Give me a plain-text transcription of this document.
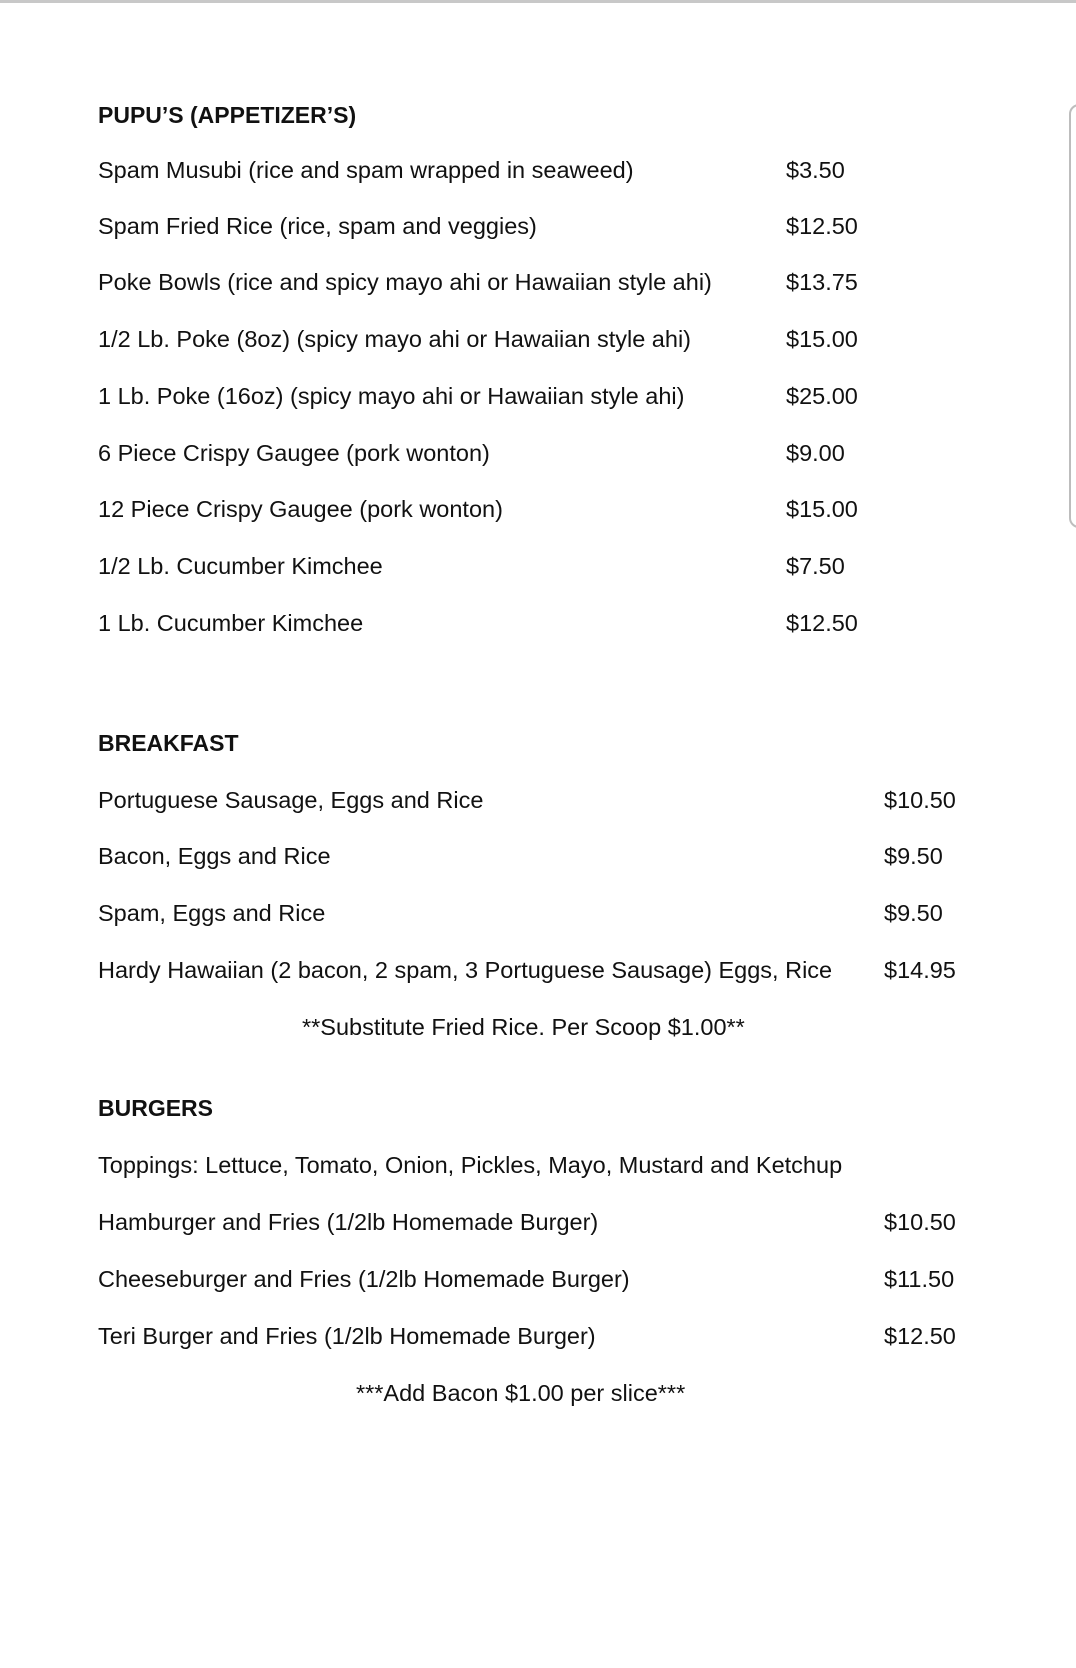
PUPU’S (APPETIZER’S)
Spam Musubi (rice and spam wrapped in seaweed)	$3.50
Spam Fried Rice (rice, spam and veggies)	$12.50
Poke Bowls (rice and spicy mayo ahi or Hawaiian style ahi)	$13.75
1/2 Lb. Poke (8oz) (spicy mayo ahi or Hawaiian style ahi)	$15.00
1 Lb. Poke (16oz) (spicy mayo ahi or Hawaiian style ahi)	$25.00
6 Piece Crispy Gaugee (pork wonton)	$9.00
12 Piece Crispy Gaugee (pork wonton)	$15.00
1/2 Lb. Cucumber Kimchee	$7.50
1 Lb. Cucumber Kimchee	$12.50
BREAKFAST
Portuguese Sausage, Eggs and Rice	$10.50
Bacon, Eggs and Rice	$9.50
Spam, Eggs and Rice	$9.50
Hardy Hawaiian (2 bacon, 2 spam, 3 Portuguese Sausage) Eggs, Rice $14.95
**Substitute Fried Rice. Per Scoop $1.00**
BURGERS
Toppings: Lettuce, Tomato, Onion, Pickles, Mayo, Mustard and Ketchup
Hamburger and Fries (1/2lb Homemade Burger)	$10.50
Cheeseburger and Fries (1/2lb Homemade Burger)	$11.50
Teri Burger and Fries (1/2lb Homemade Burger)	$12.50
***Add Bacon $1.00 per slice***
